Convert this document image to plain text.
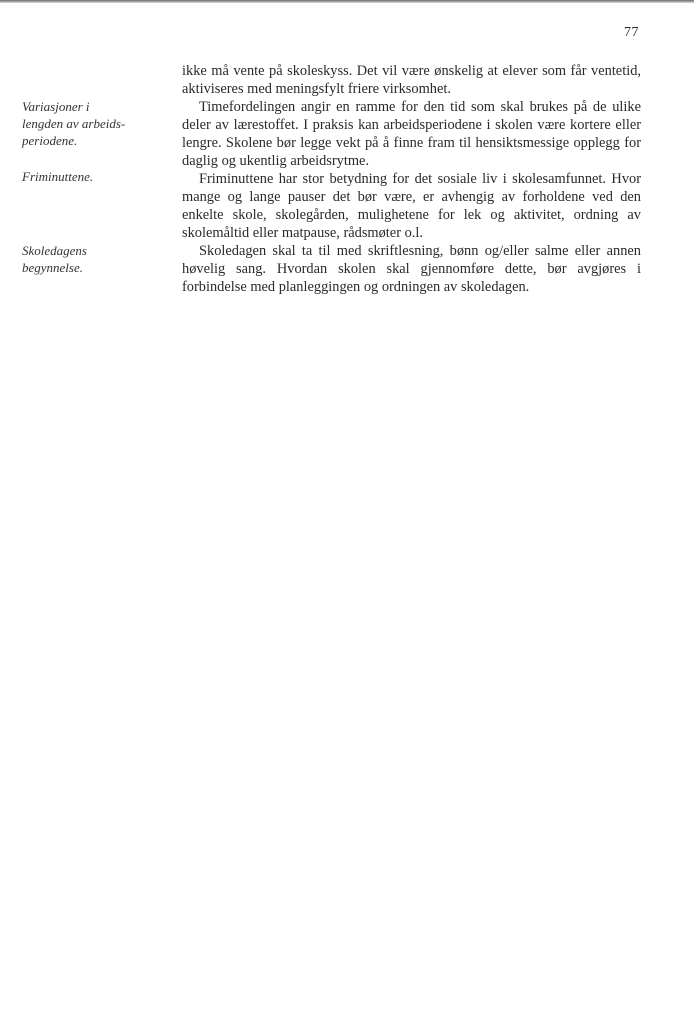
77
Variasjoner i
lengden av arbeids-
periodene.
Friminuttene.
Skoledagens
begynnelse.

ikke må vente på skoleskyss. Det vil være ønskelig at elever som får ventetid, aktiviseres med meningsfylt friere virksomhet.

Timefordelingen angir en ramme for den tid som skal brukes på de ulike deler av lærestoffet. I praksis kan arbeidsperiodene i skolen være kortere eller lengre. Skolene bør legge vekt på å finne fram til hensiktsmessige opplegg for daglig og ukentlig arbeidsrytme.

Friminuttene har stor betydning for det sosiale liv i skolesamfunnet. Hvor mange og lange pauser det bør være, er avhengig av forholdene ved den enkelte skole, skolegården, mulighetene for lek og aktivitet, ordning av skolemåltid eller matpause, rådsmøter o.l.

Skoledagen skal ta til med skriftlesning, bønn og/eller salme eller annen høvelig sang. Hvordan skolen skal gjennomføre dette, bør avgjøres i forbindelse med planleggingen og ordningen av skoledagen.
